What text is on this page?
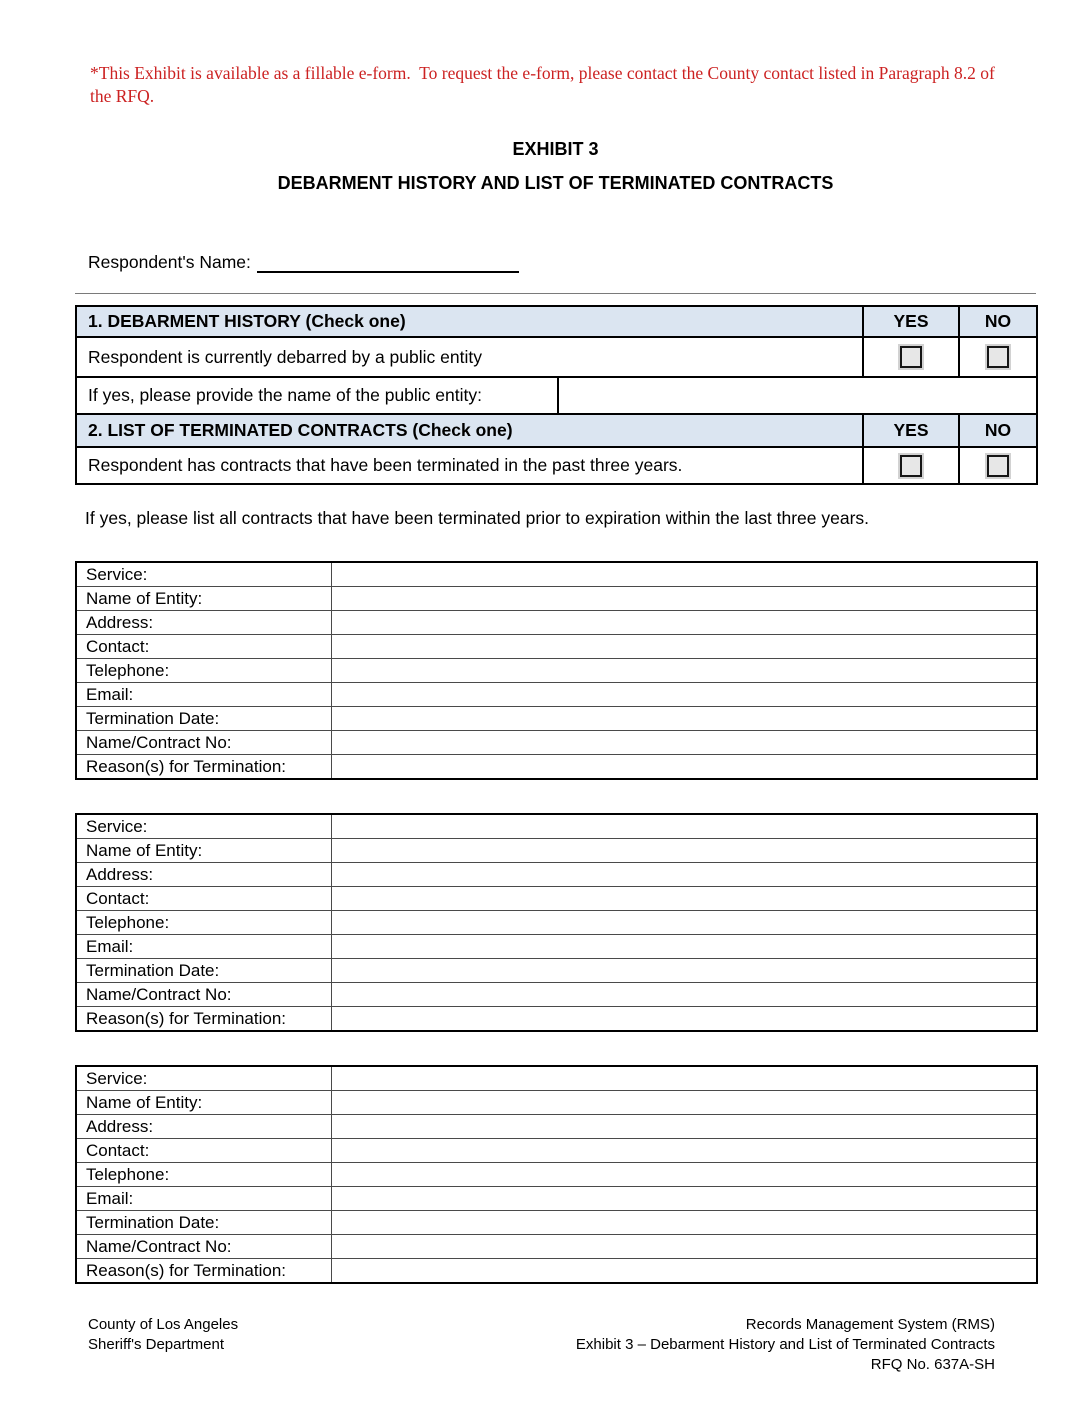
*This Exhibit is available as a fillable e-form.  To request the e-form, please contact the County contact listed in Paragraph 8.2 of the RFQ.
EXHIBIT 3
DEBARMENT HISTORY AND LIST OF TERMINATED CONTRACTS
Respondent's Name:
1. DEBARMENT HISTORY (Check one)		YES	NO
Respondent is currently debarred by a public entity			
If yes, please provide the name of the public entity:			
2. LIST OF TERMINATED CONTRACTS (Check one)		YES	NO
Respondent has contracts that have been terminated in the past three years.			
If yes, please list all contracts that have been terminated prior to expiration within the last three years.
Service:	
Name of Entity:	
Address:	
Contact:	
Telephone:	
Email:	
Termination Date:	
Name/Contract No:	
Reason(s) for Termination:	
Service:	
Name of Entity:	
Address:	
Contact:	
Telephone:	
Email:	
Termination Date:	
Name/Contract No:	
Reason(s) for Termination:	
Service:	
Name of Entity:	
Address:	
Contact:	
Telephone:	
Email:	
Termination Date:	
Name/Contract No:	
Reason(s) for Termination:	
County of Los Angeles
Sheriff's Department
Records Management System (RMS)
Exhibit 3 – Debarment History and List of Terminated Contracts
RFQ No. 637A-SH
